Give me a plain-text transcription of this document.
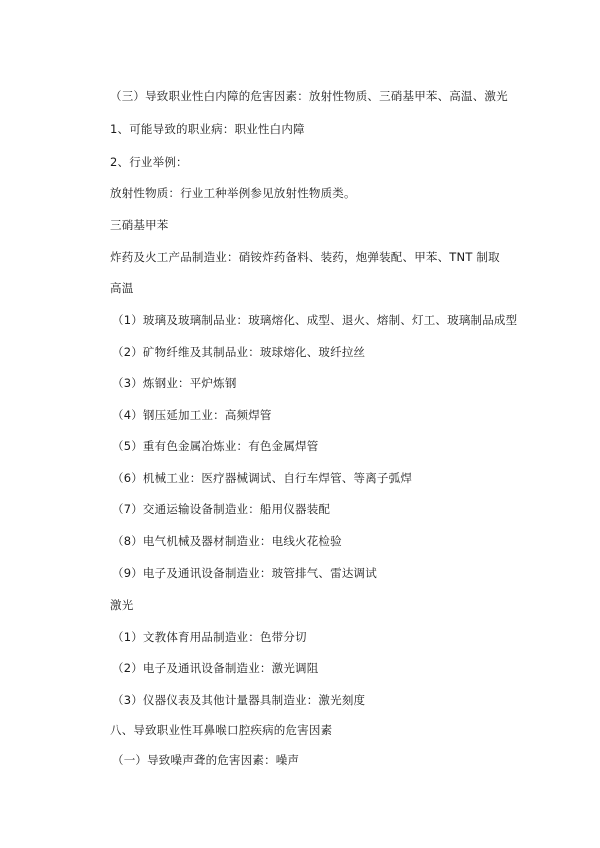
（三）导致职业性白内障的危害因素：放射性物质、三硝基甲苯、高温、激光
1、可能导致的职业病：职业性白内障
2、行业举例：
放射性物质：行业工种举例参见放射性物质类。
三硝基甲苯
炸药及火工产品制造业：硝铵炸药备料、装药，炮弹装配、甲苯、TNT 制取
高温
（1）玻璃及玻璃制品业：玻璃熔化、成型、退火、熔制、灯工、玻璃制品成型
（2）矿物纤维及其制品业：玻球熔化、玻纤拉丝
（3）炼钢业：平炉炼钢
（4）钢压延加工业：高频焊管
（5）重有色金属冶炼业：有色金属焊管
（6）机械工业：医疗器械调试、自行车焊管、等离子弧焊
（7）交通运输设备制造业：船用仪器装配
（8）电气机械及器材制造业：电线火花检验
（9）电子及通讯设备制造业：玻管排气、雷达调试
激光
（1）文教体育用品制造业：色带分切
（2）电子及通讯设备制造业：激光调阻
（3）仪器仪表及其他计量器具制造业：激光刻度
八、导致职业性耳鼻喉口腔疾病的危害因素
（一）导致噪声聋的危害因素：噪声
